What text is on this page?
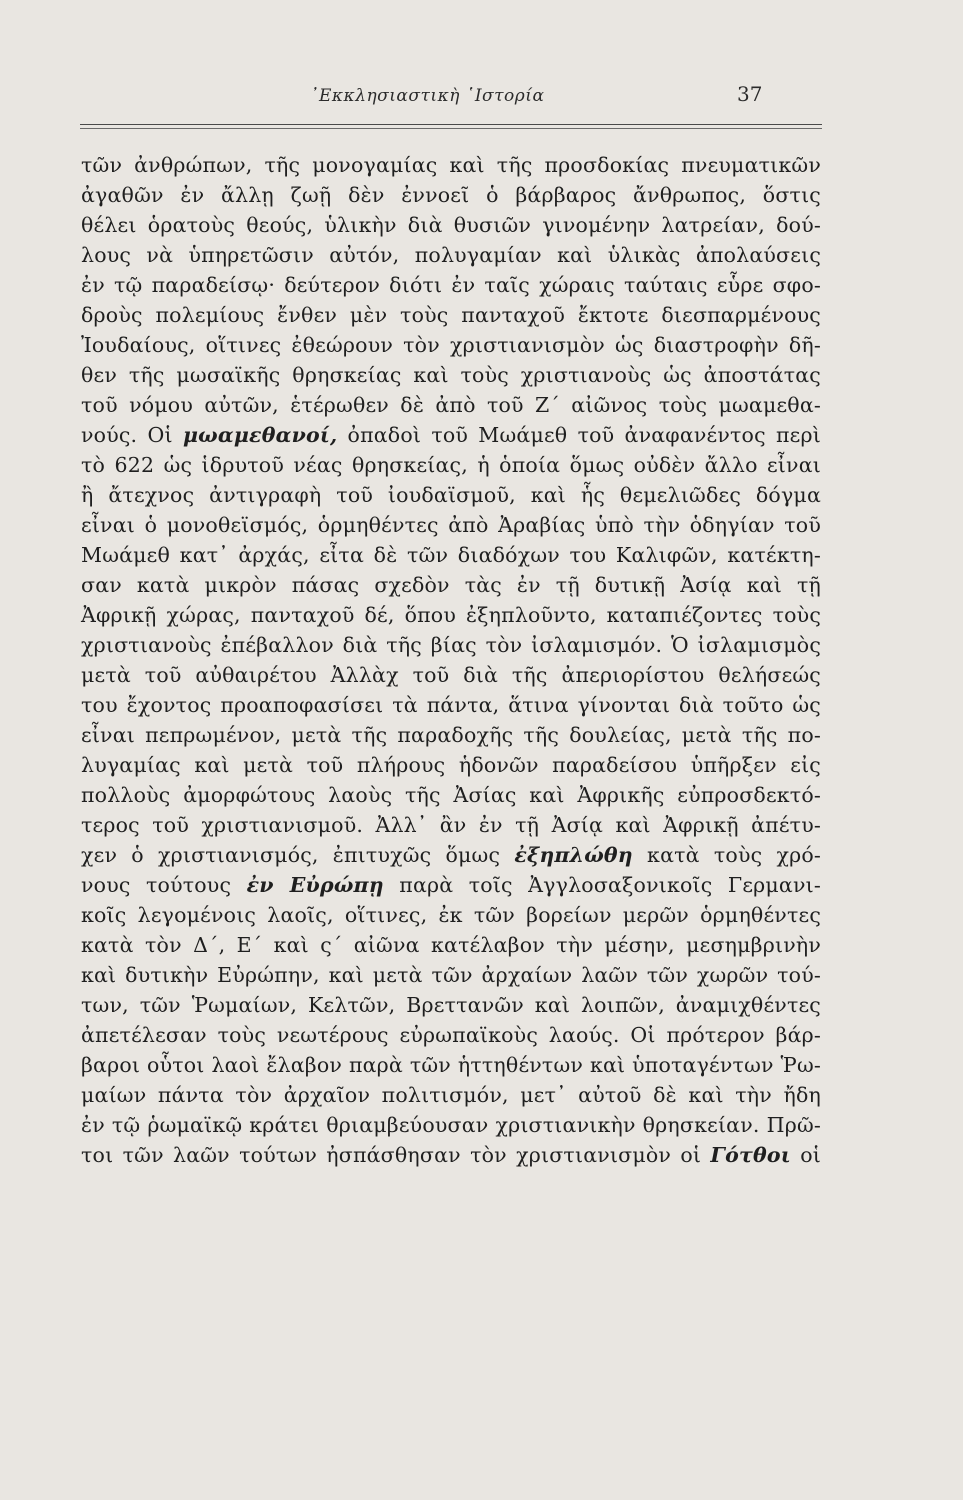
᾿Εκκλησιαστικὴ ῾Ιστορία	37
τῶν ἀνθρώπων, τῆς μονογαμίας καὶ τῆς προσδοκίας πνευματικῶν
ἀγαθῶν ἐν ἄλλῃ ζωῇ δὲν ἐννοεῖ ὁ βάρβαρος ἄνθρωπος, ὅστις
θέλει ὁρατοὺς θεούς, ὑλικὴν διὰ θυσιῶν γινομένην λατρείαν, δού-
λους νὰ ὑπηρετῶσιν αὐτόν, πολυγαμίαν καὶ ὑλικὰς ἀπολαύσεις
ἐν τῷ παραδείσῳ· δεύτερον διότι ἐν ταῖς χώραις ταύταις εὗρε σφο-
δροὺς πολεμίους ἔνθεν μὲν τοὺς πανταχοῦ ἔκτοτε διεσπαρμένους
Ἰουδαίους, οἵτινες ἐθεώρουν τὸν χριστιανισμὸν ὡς διαστροφὴν δῆ-
θεν τῆς μωσαϊκῆς θρησκείας καὶ τοὺς χριστιανοὺς ὡς ἀποστάτας
τοῦ νόμου αὐτῶν, ἑτέρωθεν δὲ ἀπὸ τοῦ Ζ΄ αἰῶνος τοὺς μωαμεθα-
νούς. Οἱ μωαμεθανοί, ὀπαδοὶ τοῦ Μωάμεθ τοῦ ἀναφανέντος περὶ
τὸ 622 ὡς ἱδρυτοῦ νέας θρησκείας, ἡ ὁποία ὅμως οὐδὲν ἄλλο εἶναι
ἢ ἄτεχνος ἀντιγραφὴ τοῦ ἰουδαϊσμοῦ, καὶ ἧς θεμελιῶδες δόγμα
εἶναι ὁ μονοθεϊσμός, ὁρμηθέντες ἀπὸ Ἀραβίας ὑπὸ τὴν ὁδηγίαν τοῦ
Μωάμεθ κατ᾿ ἀρχάς, εἶτα δὲ τῶν διαδόχων του Καλιφῶν, κατέκτη-
σαν κατὰ μικρὸν πάσας σχεδὸν τὰς ἐν τῇ δυτικῇ Ἀσίᾳ καὶ τῇ
Ἀφρικῇ χώρας, πανταχοῦ δέ, ὅπου ἐξηπλοῦντο, καταπιέζοντες τοὺς
χριστιανοὺς ἐπέβαλλον διὰ τῆς βίας τὸν ἰσλαμισμόν. Ὁ ἰσλαμισμὸς
μετὰ τοῦ αὐθαιρέτου Ἀλλὰχ τοῦ διὰ τῆς ἀπεριορίστου θελήσεώς
του ἔχοντος προαποφασίσει τὰ πάντα, ἅτινα γίνονται διὰ τοῦτο ὡς
εἶναι πεπρωμένον, μετὰ τῆς παραδοχῆς τῆς δουλείας, μετὰ τῆς πο-
λυγαμίας καὶ μετὰ τοῦ πλήρους ἡδονῶν παραδείσου ὑπῆρξεν εἰς
πολλοὺς ἀμορφώτους λαοὺς τῆς Ἀσίας καὶ Ἀφρικῆς εὐπροσδεκτό-
τερος τοῦ χριστιανισμοῦ. Ἀλλ᾿ ἂν ἐν τῇ Ἀσίᾳ καὶ Ἀφρικῇ ἀπέτυ-
χεν ὁ χριστιανισμός, ἐπιτυχῶς ὅμως ἐξηπλώθη κατὰ τοὺς χρό-
νους τούτους ἐν Εὐρώπῃ παρὰ τοῖς Ἀγγλοσαξονικοῖς Γερμανι-
κοῖς λεγομένοις λαοῖς, οἵτινες, ἐκ τῶν βορείων μερῶν ὁρμηθέντες
κατὰ τὸν Δ΄, Ε΄ καὶ ς΄ αἰῶνα κατέλαβον τὴν μέσην, μεσημβρινὴν
καὶ δυτικὴν Εὐρώπην, καὶ μετὰ τῶν ἀρχαίων λαῶν τῶν χωρῶν τού-
των, τῶν Ῥωμαίων, Κελτῶν, Βρεττανῶν καὶ λοιπῶν, ἀναμιχθέντες
ἀπετέλεσαν τοὺς νεωτέρους εὐρωπαϊκοὺς λαούς. Οἱ πρότερον βάρ-
βαροι οὗτοι λαοὶ ἔλαβον παρὰ τῶν ἡττηθέντων καὶ ὑποταγέντων Ῥω-
μαίων πάντα τὸν ἀρχαῖον πολιτισμόν, μετ᾿ αὐτοῦ δὲ καὶ τὴν ἤδη
ἐν τῷ ῥωμαϊκῷ κράτει θριαμβεύουσαν χριστιανικὴν θρησκείαν. Πρῶ-
τοι τῶν λαῶν τούτων ἠσπάσθησαν τὸν χριστιανισμὸν οἱ Γότθοι οἱ
